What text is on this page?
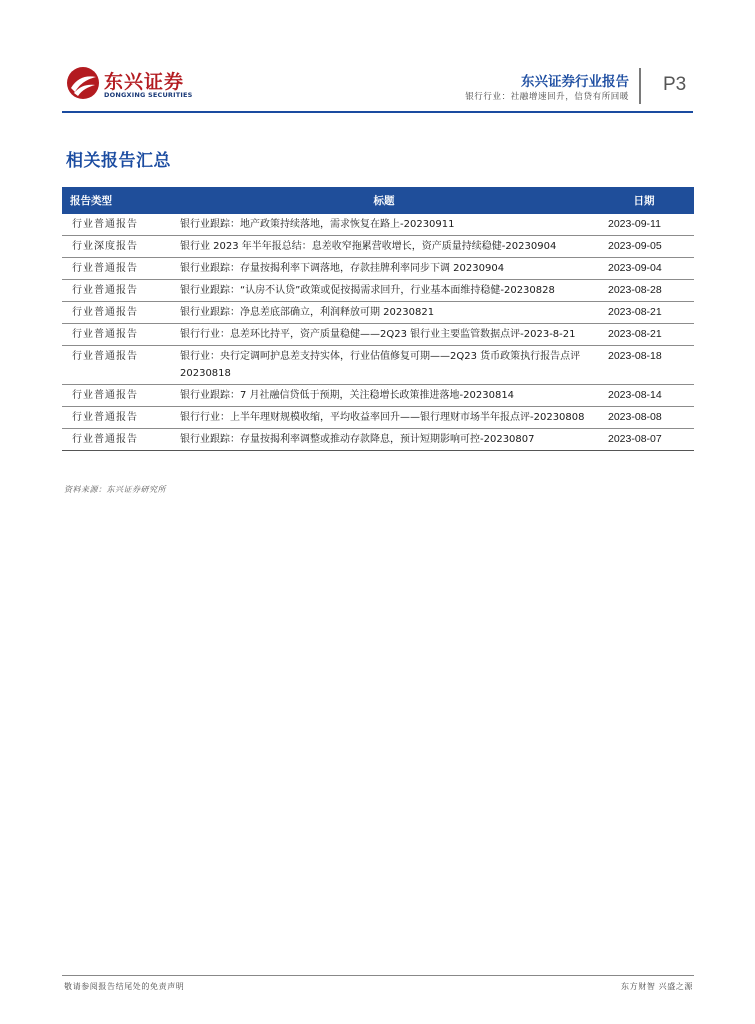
东兴证券
DONGXING SECURITIES
东兴证券行业报告
银行行业：社融增速回升，信贷有所回暖
P3
相关报告汇总
报告类型	标题	日期
行业普通报告	银行业跟踪：地产政策持续落地，需求恢复在路上-20230911	2023-09-11
行业深度报告	银行业 2023 年半年报总结：息差收窄拖累营收增长，资产质量持续稳健-20230904	2023-09-05
行业普通报告	银行业跟踪：存量按揭利率下调落地，存款挂牌利率同步下调 20230904	2023-09-04
行业普通报告	银行业跟踪：“认房不认贷”政策或促按揭需求回升，行业基本面维持稳健-20230828	2023-08-28
行业普通报告	银行业跟踪：净息差底部确立，利润释放可期 20230821	2023-08-21
行业普通报告	银行行业：息差环比持平，资产质量稳健——2Q23 银行业主要监管数据点评-2023-8-21	2023-08-21
行业普通报告	银行业：央行定调呵护息差支持实体，行业估值修复可期——2Q23 货币政策执行报告点评 20230818	2023-08-18
行业普通报告	银行业跟踪：7 月社融信贷低于预期，关注稳增长政策推进落地-20230814	2023-08-14
行业普通报告	银行行业：上半年理财规模收缩，平均收益率回升——银行理财市场半年报点评-20230808	2023-08-08
行业普通报告	银行业跟踪：存量按揭利率调整或推动存款降息，预计短期影响可控-20230807	2023-08-07
资料来源：东兴证券研究所
敬请参阅报告结尾处的免责声明	东方财智 兴盛之源
